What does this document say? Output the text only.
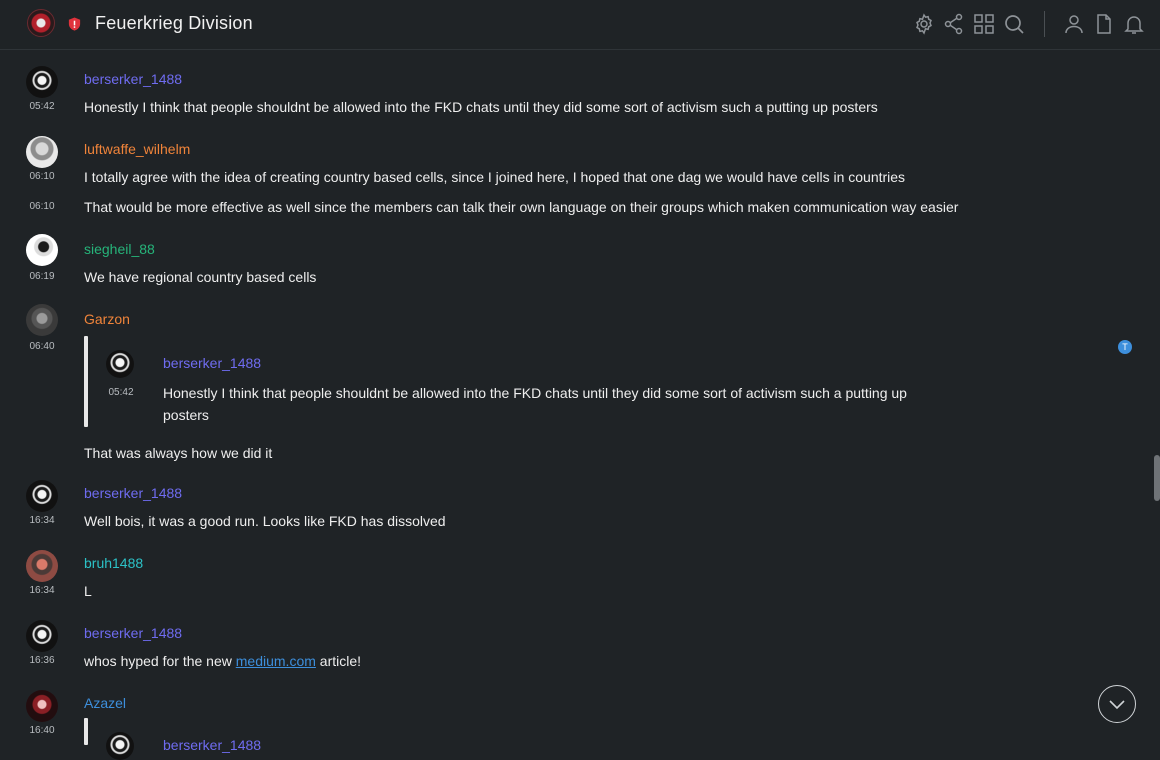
Feuerkrieg Division
05:42
berserker_1488
Honestly I think that people shouldnt be allowed into the FKD chats until they did some sort of activism such a putting up posters
06:10
luftwaffe_wilhelm
I totally agree with the idea of creating country based cells, since I joined here, I hoped that one dag we would have cells in countries
06:10	That would be more effective as well since the members can talk their own language on their groups which maken communication way easier
06:19
siegheil_88
We have regional country based cells
06:40
Garzon
05:42
berserker_1488
Honestly I think that people shouldnt be allowed into the FKD chats until they did some sort of activism such a putting up
posters
T
That was always how we did it
16:34
berserker_1488
Well bois, it was a good run. Looks like FKD has dissolved
16:34
bruh1488
L
16:36
berserker_1488
whos hyped for the new medium.com article!
16:40
Azazel
berserker_1488
